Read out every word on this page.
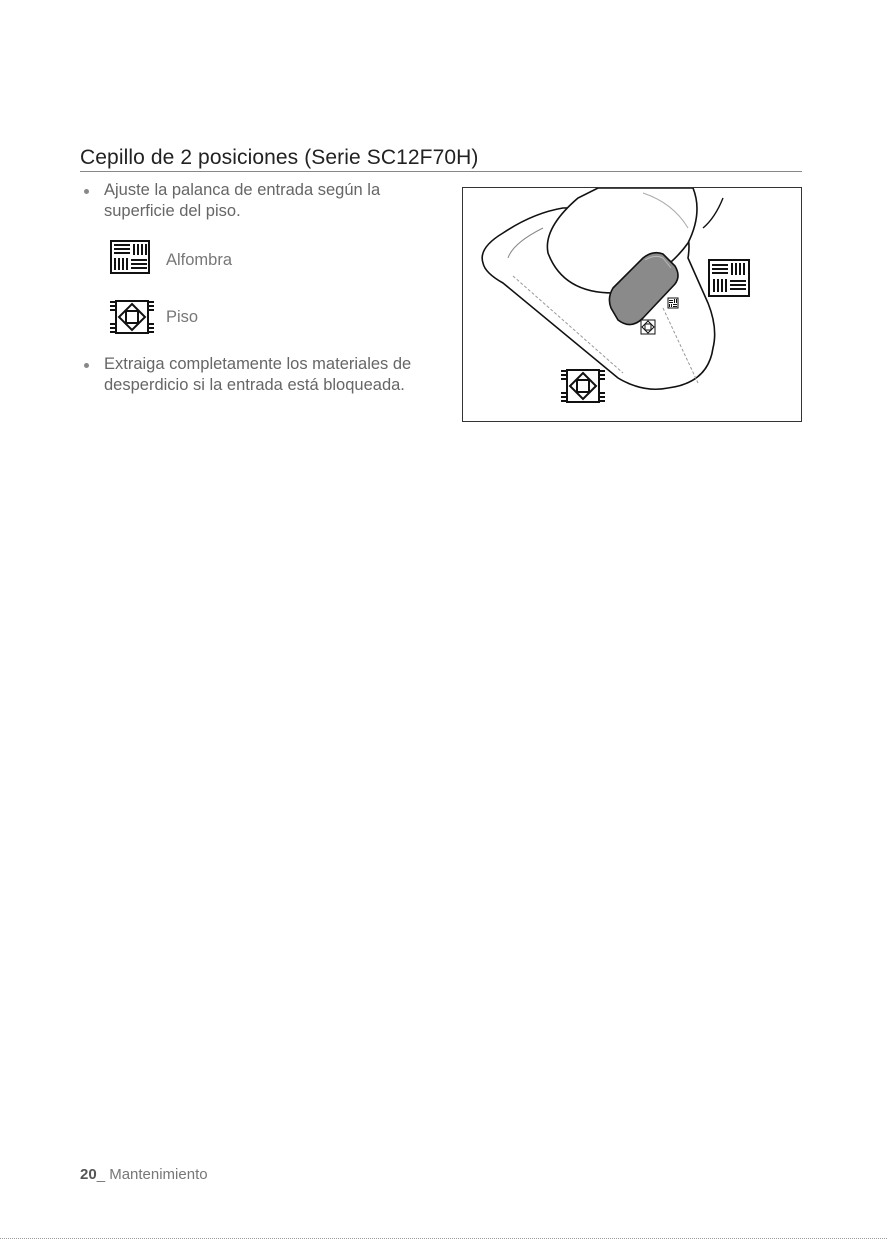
Cepillo de 2 posiciones (Serie SC12F70H)
Ajuste la palanca de entrada según la superficie del piso.
Alfombra
Piso
Extraiga completamente los materiales de desperdicio si la entrada está bloqueada.
20_ Mantenimiento
